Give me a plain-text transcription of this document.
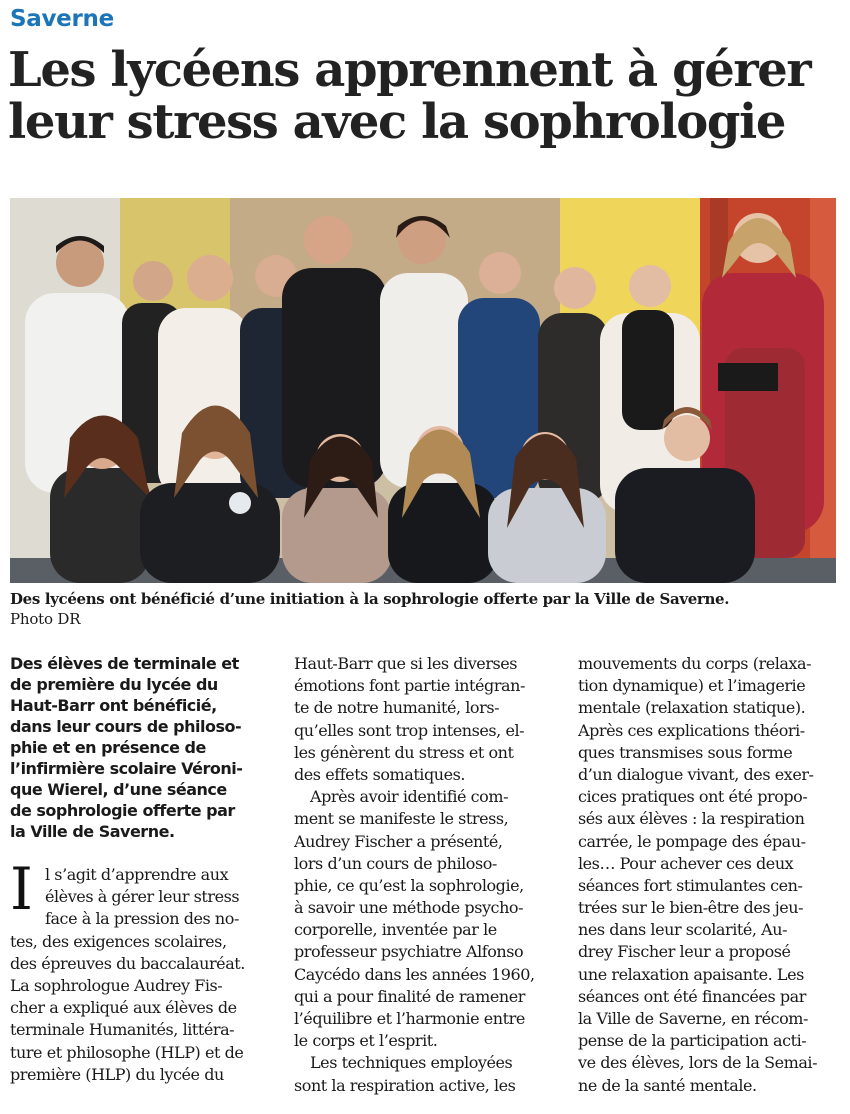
Saverne
Les lycéens apprennent à gérer
leur stress avec la sophrologie
Des lycéens ont bénéficié d’une initiation à la sophrologie offerte par la Ville de Saverne.
Photo DR
Des élèves de terminale et
de première du lycée du
Haut-Barr ont bénéficié,
dans leur cours de philoso-
phie et en présence de
l’infirmière scolaire Véroni-
que Wierel, d’une séance
de sophrologie offerte par
la Ville de Saverne.
I l s’agit d’apprendre aux
élèves à gérer leur stress
face à la pression des no-
tes, des exigences scolaires,
des épreuves du baccalauréat.
La sophrologue Audrey Fis-
cher a expliqué aux élèves de
terminale Humanités, littéra-
ture et philosophe (HLP) et de
première (HLP) du lycée du
Haut-Barr que si les diverses
émotions font partie intégran-
te de notre humanité, lors-
qu’elles sont trop intenses, el-
les génèrent du stress et ont
des effets somatiques.
Après avoir identifié com-
ment se manifeste le stress,
Audrey Fischer a présenté,
lors d’un cours de philoso-
phie, ce qu’est la sophrologie,
à savoir une méthode psycho-
corporelle, inventée par le
professeur psychiatre Alfonso
Caycédo dans les années 1960,
qui a pour finalité de ramener
l’équilibre et l’harmonie entre
le corps et l’esprit.
Les techniques employées
sont la respiration active, les
mouvements du corps (relaxa-
tion dynamique) et l’imagerie
mentale (relaxation statique).
Après ces explications théori-
ques transmises sous forme
d’un dialogue vivant, des exer-
cices pratiques ont été propo-
sés aux élèves : la respiration
carrée, le pompage des épau-
les… Pour achever ces deux
séances fort stimulantes cen-
trées sur le bien-être des jeu-
nes dans leur scolarité, Au-
drey Fischer leur a proposé
une relaxation apaisante. Les
séances ont été financées par
la Ville de Saverne, en récom-
pense de la participation acti-
ve des élèves, lors de la Semai-
ne de la santé mentale.
